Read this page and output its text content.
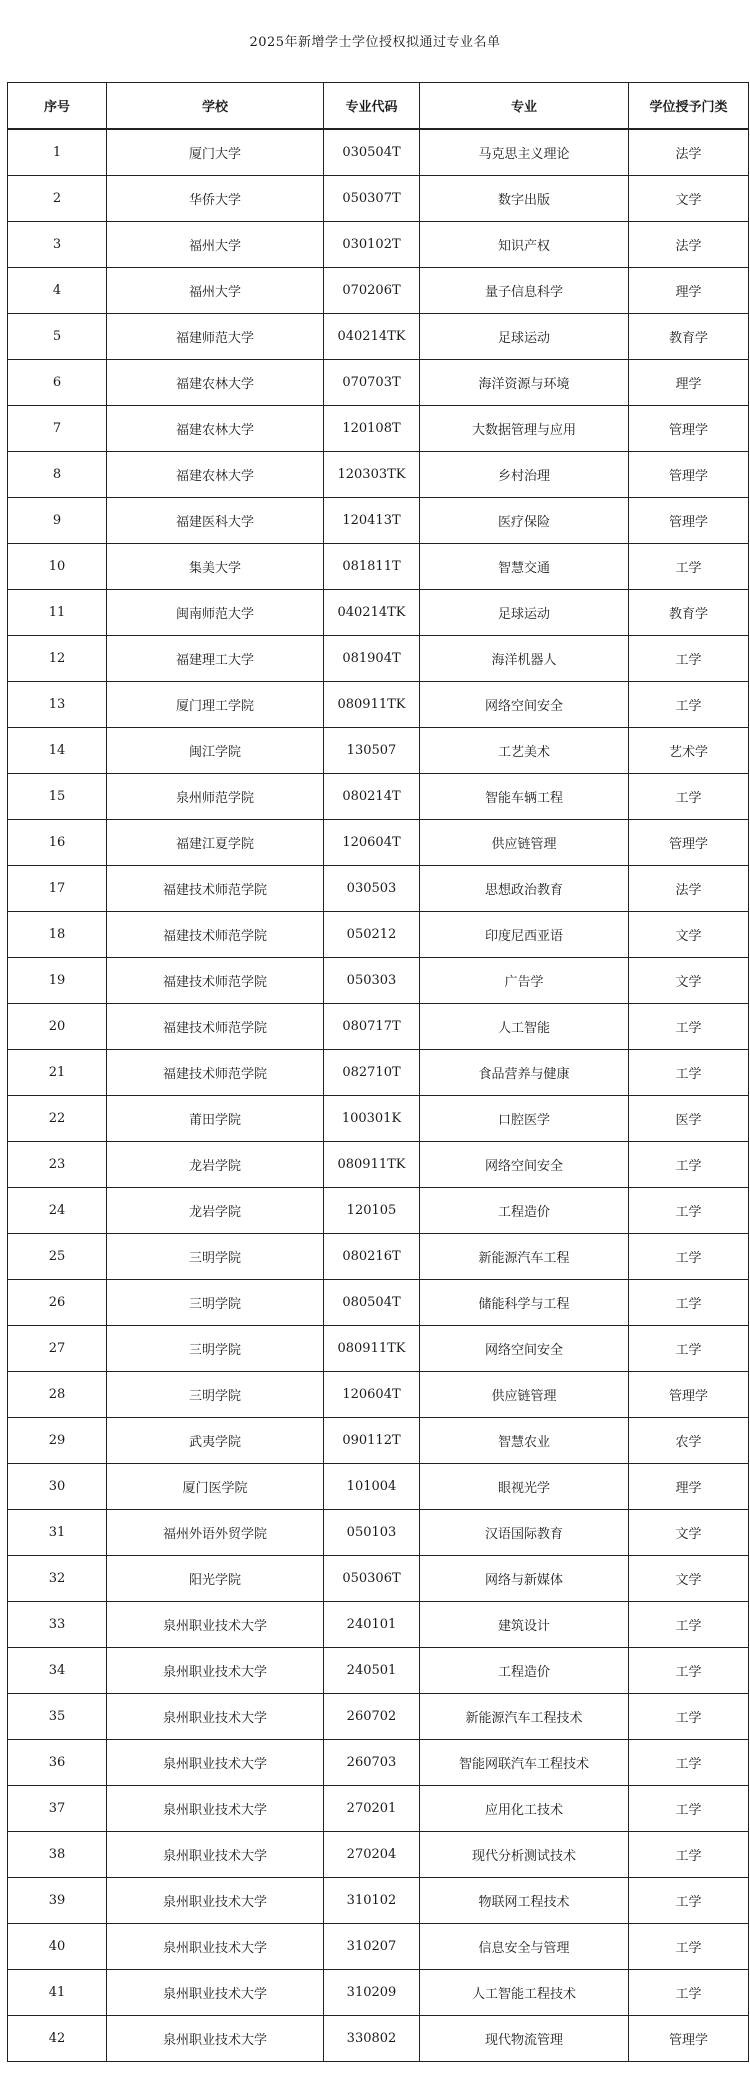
2025年新增学士学位授权拟通过专业名单
序号	学校	专业代码	专业	学位授予门类
1	厦门大学	030504T	马克思主义理论	法学
2	华侨大学	050307T	数字出版	文学
3	福州大学	030102T	知识产权	法学
4	福州大学	070206T	量子信息科学	理学
5	福建师范大学	040214TK	足球运动	教育学
6	福建农林大学	070703T	海洋资源与环境	理学
7	福建农林大学	120108T	大数据管理与应用	管理学
8	福建农林大学	120303TK	乡村治理	管理学
9	福建医科大学	120413T	医疗保险	管理学
10	集美大学	081811T	智慧交通	工学
11	闽南师范大学	040214TK	足球运动	教育学
12	福建理工大学	081904T	海洋机器人	工学
13	厦门理工学院	080911TK	网络空间安全	工学
14	闽江学院	130507	工艺美术	艺术学
15	泉州师范学院	080214T	智能车辆工程	工学
16	福建江夏学院	120604T	供应链管理	管理学
17	福建技术师范学院	030503	思想政治教育	法学
18	福建技术师范学院	050212	印度尼西亚语	文学
19	福建技术师范学院	050303	广告学	文学
20	福建技术师范学院	080717T	人工智能	工学
21	福建技术师范学院	082710T	食品营养与健康	工学
22	莆田学院	100301K	口腔医学	医学
23	龙岩学院	080911TK	网络空间安全	工学
24	龙岩学院	120105	工程造价	工学
25	三明学院	080216T	新能源汽车工程	工学
26	三明学院	080504T	储能科学与工程	工学
27	三明学院	080911TK	网络空间安全	工学
28	三明学院	120604T	供应链管理	管理学
29	武夷学院	090112T	智慧农业	农学
30	厦门医学院	101004	眼视光学	理学
31	福州外语外贸学院	050103	汉语国际教育	文学
32	阳光学院	050306T	网络与新媒体	文学
33	泉州职业技术大学	240101	建筑设计	工学
34	泉州职业技术大学	240501	工程造价	工学
35	泉州职业技术大学	260702	新能源汽车工程技术	工学
36	泉州职业技术大学	260703	智能网联汽车工程技术	工学
37	泉州职业技术大学	270201	应用化工技术	工学
38	泉州职业技术大学	270204	现代分析测试技术	工学
39	泉州职业技术大学	310102	物联网工程技术	工学
40	泉州职业技术大学	310207	信息安全与管理	工学
41	泉州职业技术大学	310209	人工智能工程技术	工学
42	泉州职业技术大学	330802	现代物流管理	管理学
